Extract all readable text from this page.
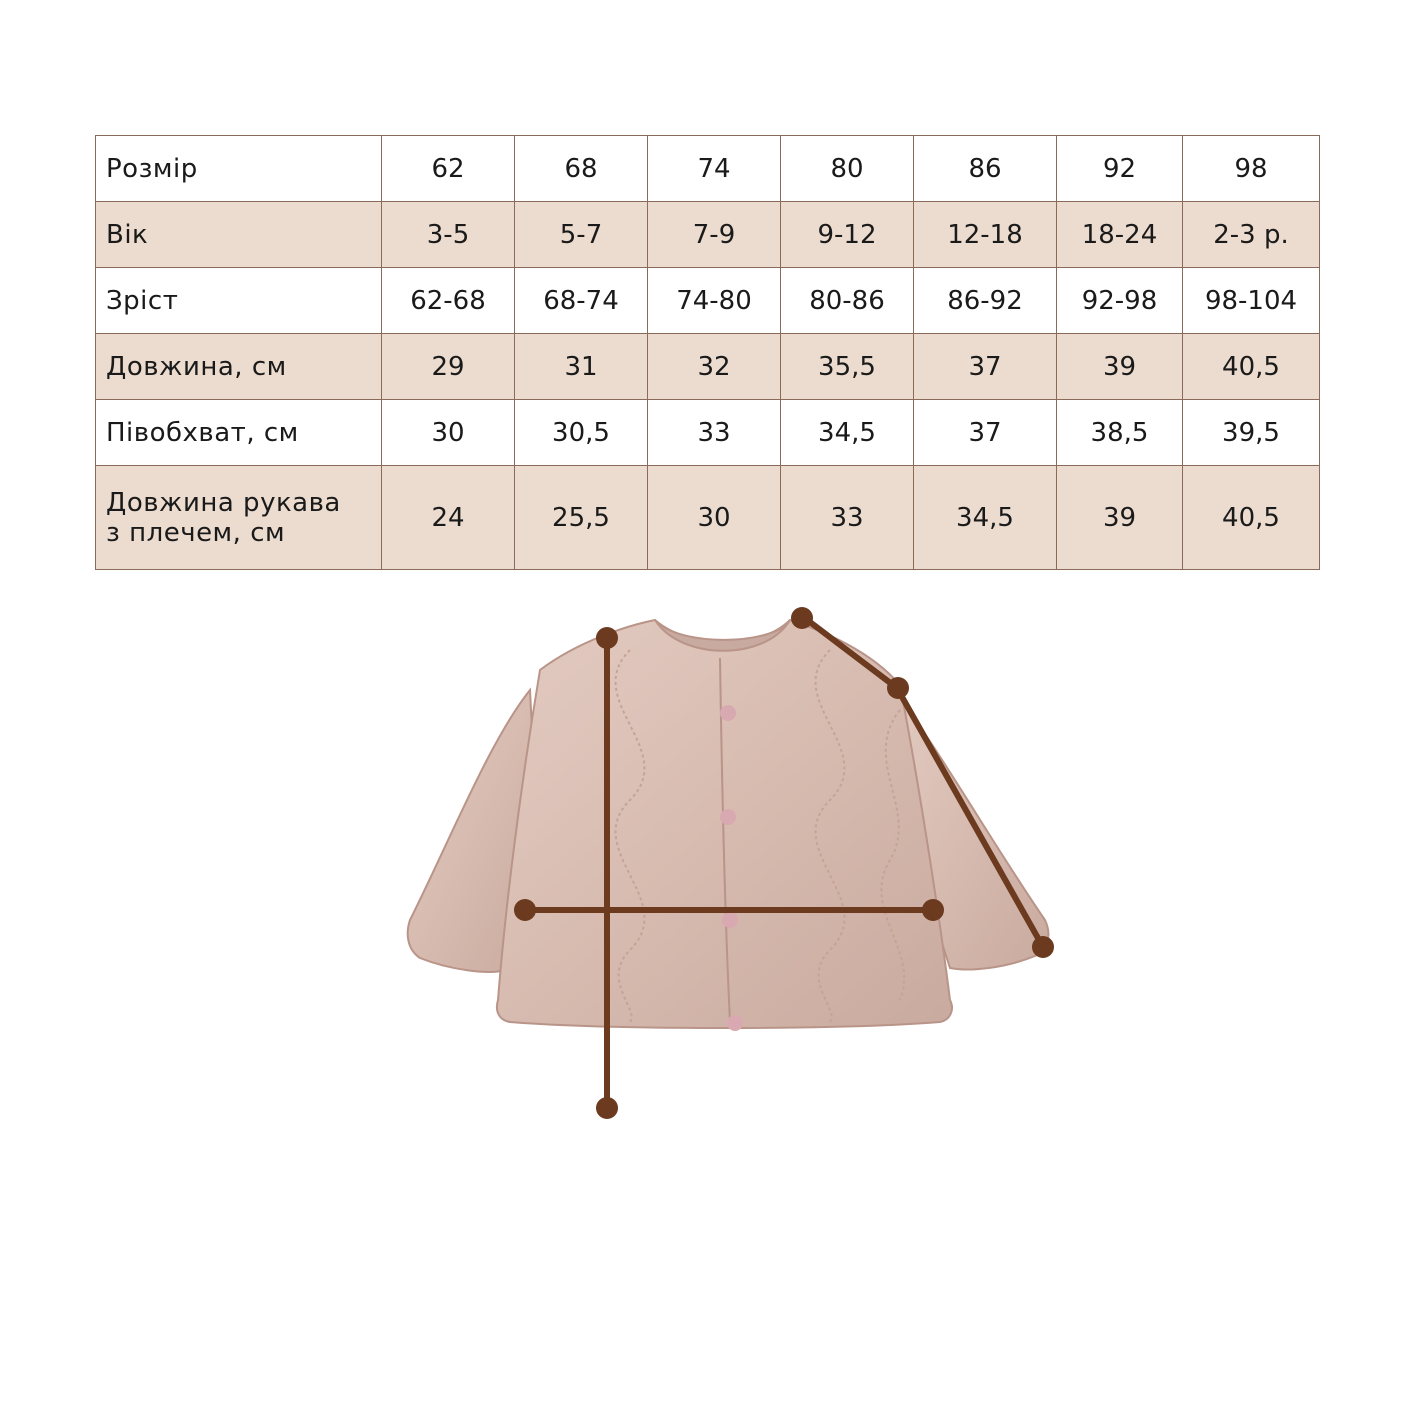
Розмір	62	68	74	80	86	92	98
Вік	3-5	5-7	7-9	9-12	12-18	18-24	2-3 р.
Зріст	62-68	68-74	74-80	80-86	86-92	92-98	98-104
Довжина, см	29	31	32	35,5	37	39	40,5
Півобхват, см	30	30,5	33	34,5	37	38,5	39,5

Довжина рукава
з плечем, см	24	25,5	30	33	34,5	39	40,5
